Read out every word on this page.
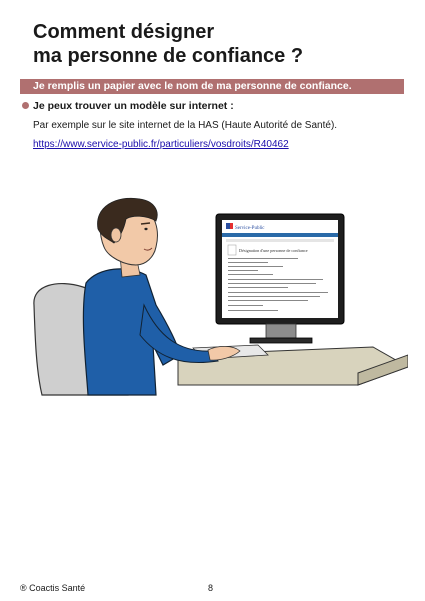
Comment désigner
ma personne de confiance ?
Je remplis un papier avec le nom de ma personne de confiance.
Je peux trouver un modèle sur internet :
Par exemple sur le site internet de la HAS (Haute Autorité de Santé).
https://www.service-public.fr/particuliers/vosdroits/R40462
Service-Public
Désignation d'une personne de confiance
® Coactis Santé	8
